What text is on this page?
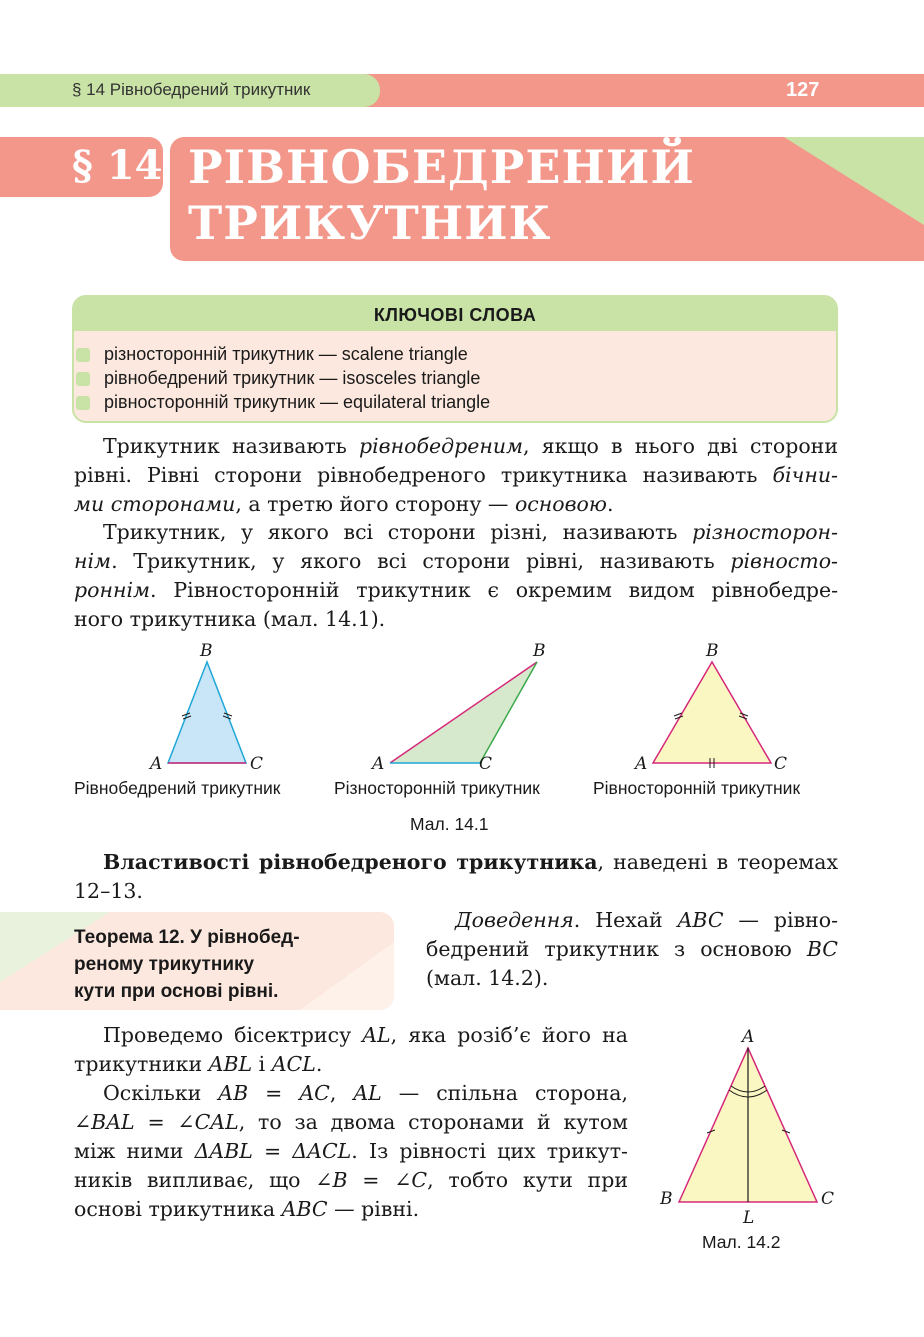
§ 14 Рівнобедрений трикутник	127
§ 14 РІВНОБЕДРЕНИЙ
ТРИКУТНИК
КЛЮЧОВІ СЛОВА
різносторонній трикутник — scalene triangle
рівнобедрений трикутник — isosceles triangle
рівносторонній трикутник — equilateral triangle
Трикутник називають рівнобедреним, якщо в нього дві сторони
рівні. Рівні сторони рівнобедреного трикутника називають бічни-
ми сторонами, а третю його сторону — основою.
Трикутник, у якого всі сторони різні, називають різносторон-
нім. Трикутник, у якого всі сторони рівні, називають рівносто-
роннім. Рівносторонній трикутник є окремим видом рівнобедре-
ного трикутника (мал. 14.1).
B
A	C
B
A	C
B
A	C
Рівнобедрений трикутник	Різносторонній трикутник	Рівносторонній трикутник
Мал. 14.1
Властивості рівнобедреного трикутника, наведені в теоремах
12–13.
Теорема 12. У рівнобед-
реному трикутнику
кути при основі рівні.
Доведення. Нехай ABC — рівно-
бедрений трикутник з основою BC
(мал. 14.2).
Проведемо бісектрису AL, яка розіб’є його на
трикутники ABL і ACL.
Оскільки AB = AC, AL — спільна сторона,
∠BAL = ∠CAL, то за двома сторонами й кутом
між ними ΔABL = ΔACL. Із рівності цих трикут-
ників випливає, що ∠B = ∠C, тобто кути при
основі трикутника ABC — рівні.
A
B	C
L
Мал. 14.2
